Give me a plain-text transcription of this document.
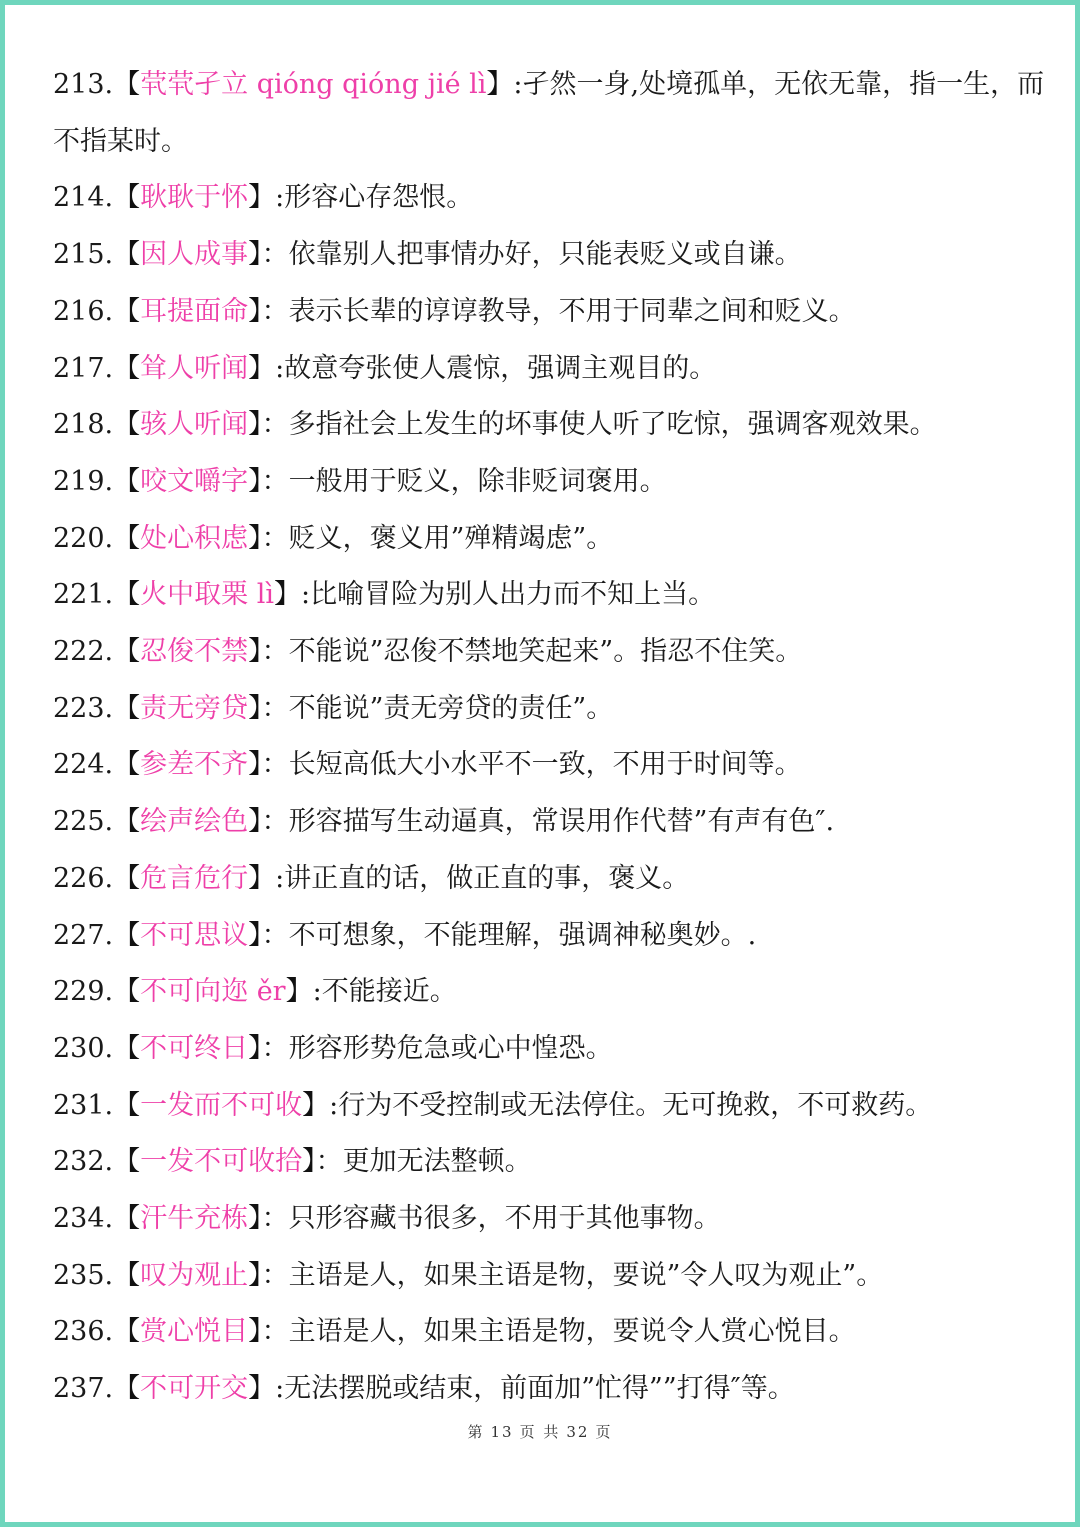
213.【茕茕孑立 qióng qióng jié lì】:孑然一身,处境孤单，无依无靠，指一生，而不指某时。
214.【耿耿于怀】:形容心存怨恨。
215.【因人成事】：依靠别人把事情办好，只能表贬义或自谦。
216.【耳提面命】：表示长辈的谆谆教导，不用于同辈之间和贬义。
217.【耸人听闻】:故意夸张使人震惊，强调主观目的。
218.【骇人听闻】：多指社会上发生的坏事使人听了吃惊，强调客观效果。
219.【咬文嚼字】：一般用于贬义，除非贬词褒用。
220.【处心积虑】：贬义，褒义用”殚精竭虑”。
221.【火中取栗 lì】:比喻冒险为别人出力而不知上当。
222.【忍俊不禁】：不能说”忍俊不禁地笑起来”。指忍不住笑。
223.【责无旁贷】：不能说”责无旁贷的责任”。
224.【参差不齐】：长短高低大小水平不一致，不用于时间等。
225.【绘声绘色】：形容描写生动逼真，常误用作代替”有声有色″.
226.【危言危行】:讲正直的话，做正直的事，褒义。
227.【不可思议】：不可想象，不能理解，强调神秘奥妙。.
229.【不可向迩 ěr】:不能接近。
230.【不可终日】：形容形势危急或心中惶恐。
231.【一发而不可收】:行为不受控制或无法停住。无可挽救，不可救药。
232.【一发不可收拾】：更加无法整顿。
234.【汗牛充栋】：只形容藏书很多，不用于其他事物。
235.【叹为观止】：主语是人，如果主语是物，要说”令人叹为观止”。
236.【赏心悦目】：主语是人，如果主语是物，要说令人赏心悦目。
237.【不可开交】:无法摆脱或结束，前面加”忙得””打得″等。
第 13 页 共 32 页
